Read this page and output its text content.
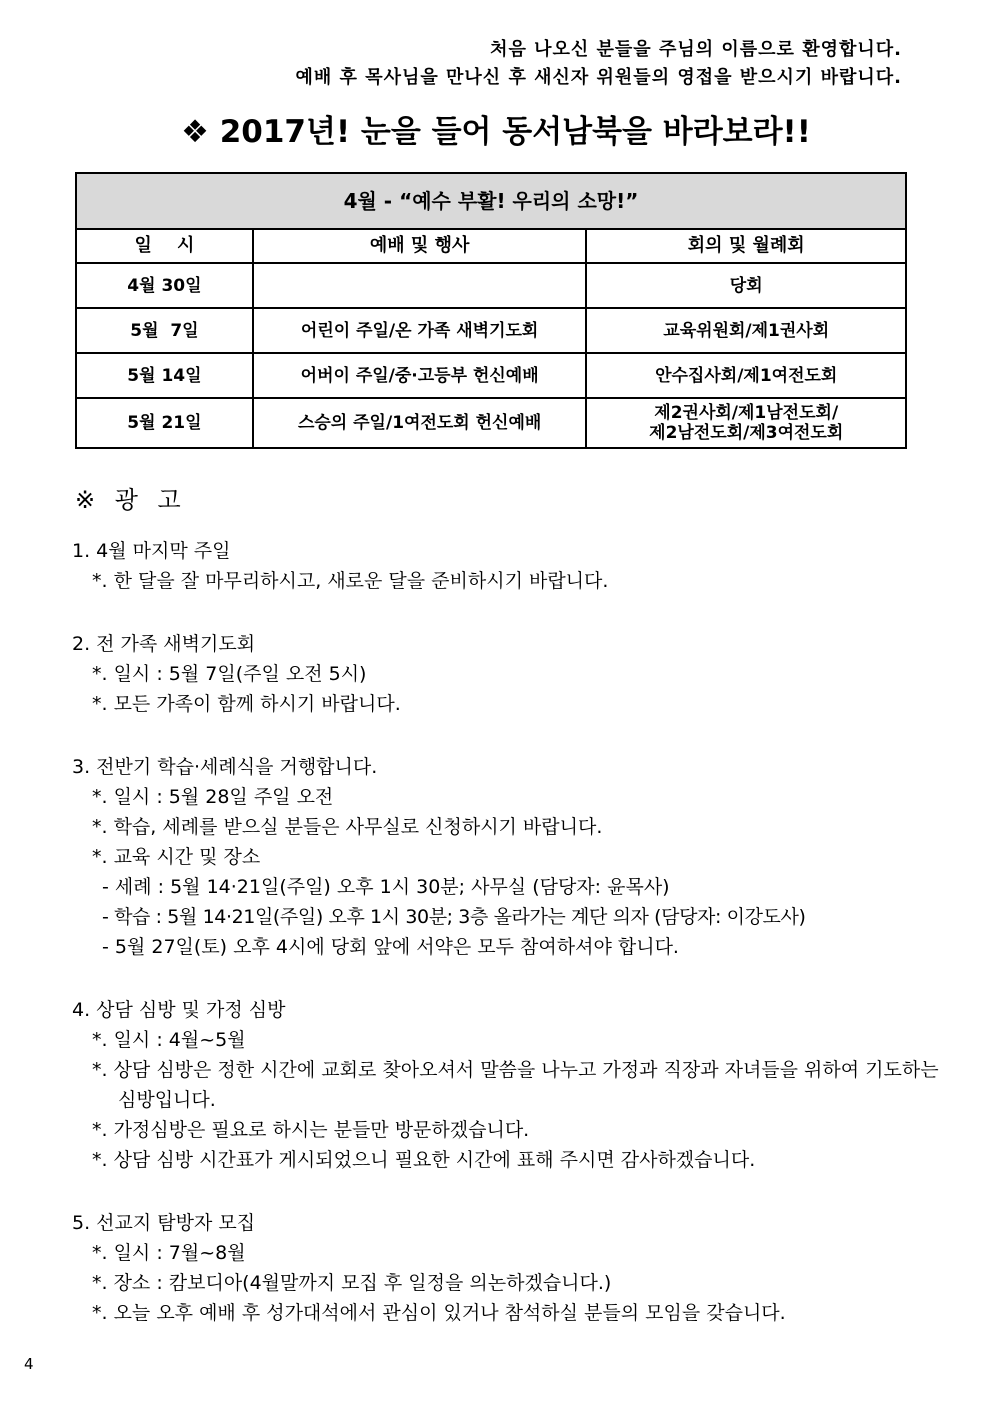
처음 나오신 분들을 주님의 이름으로 환영합니다.
예배 후 목사님을 만나신 후 새신자 위원들의 영접을 받으시기 바랍니다.
❖ 2017년! 눈을 들어 동서남북을 바라보라!!
4월 - “예수 부활! 우리의 소망!”		
일    시	예배 및 행사	회의 및 월례회
4월 30일		당회
5월  7일	어린이 주일/온 가족 새벽기도회	교육위원회/제1권사회
5월 14일	어버이 주일/중·고등부 헌신예배	안수집사회/제1여전도회
5월 21일	스승의 주일/1여전도회 헌신예배	제2권사회/제1남전도회/
제2남전도회/제3여전도회
※ 광 고
1. 4월 마지막 주일
*. 한 달을 잘 마무리하시고, 새로운 달을 준비하시기 바랍니다.
2. 전 가족 새벽기도회
*. 일시 : 5월 7일(주일 오전 5시)
*. 모든 가족이 함께 하시기 바랍니다.
3. 전반기 학습·세례식을 거행합니다.
*. 일시 : 5월 28일 주일 오전
*. 학습, 세례를 받으실 분들은 사무실로 신청하시기 바랍니다.
*. 교육 시간 및 장소
- 세례 : 5월 14·21일(주일) 오후 1시 30분; 사무실 (담당자: 윤목사)
- 학습 : 5월 14·21일(주일) 오후 1시 30분; 3층 올라가는 계단 의자 (담당자: 이강도사)
- 5월 27일(토) 오후 4시에 당회 앞에 서약은 모두 참여하셔야 합니다.
4. 상담 심방 및 가정 심방
*. 일시 : 4월~5월
*. 상담 심방은 정한 시간에 교회로 찾아오셔서 말씀을 나누고 가정과 직장과 자녀들을 위하여 기도하는 심방입니다.
*. 가정심방은 필요로 하시는 분들만 방문하겠습니다.
*. 상담 심방 시간표가 게시되었으니 필요한 시간에 표해 주시면 감사하겠습니다.
5. 선교지 탐방자 모집
*. 일시 : 7월~8월
*. 장소 : 캄보디아(4월말까지 모집 후 일정을 의논하겠습니다.)
*. 오늘 오후 예배 후 성가대석에서 관심이 있거나 참석하실 분들의 모임을 갖습니다.
4
